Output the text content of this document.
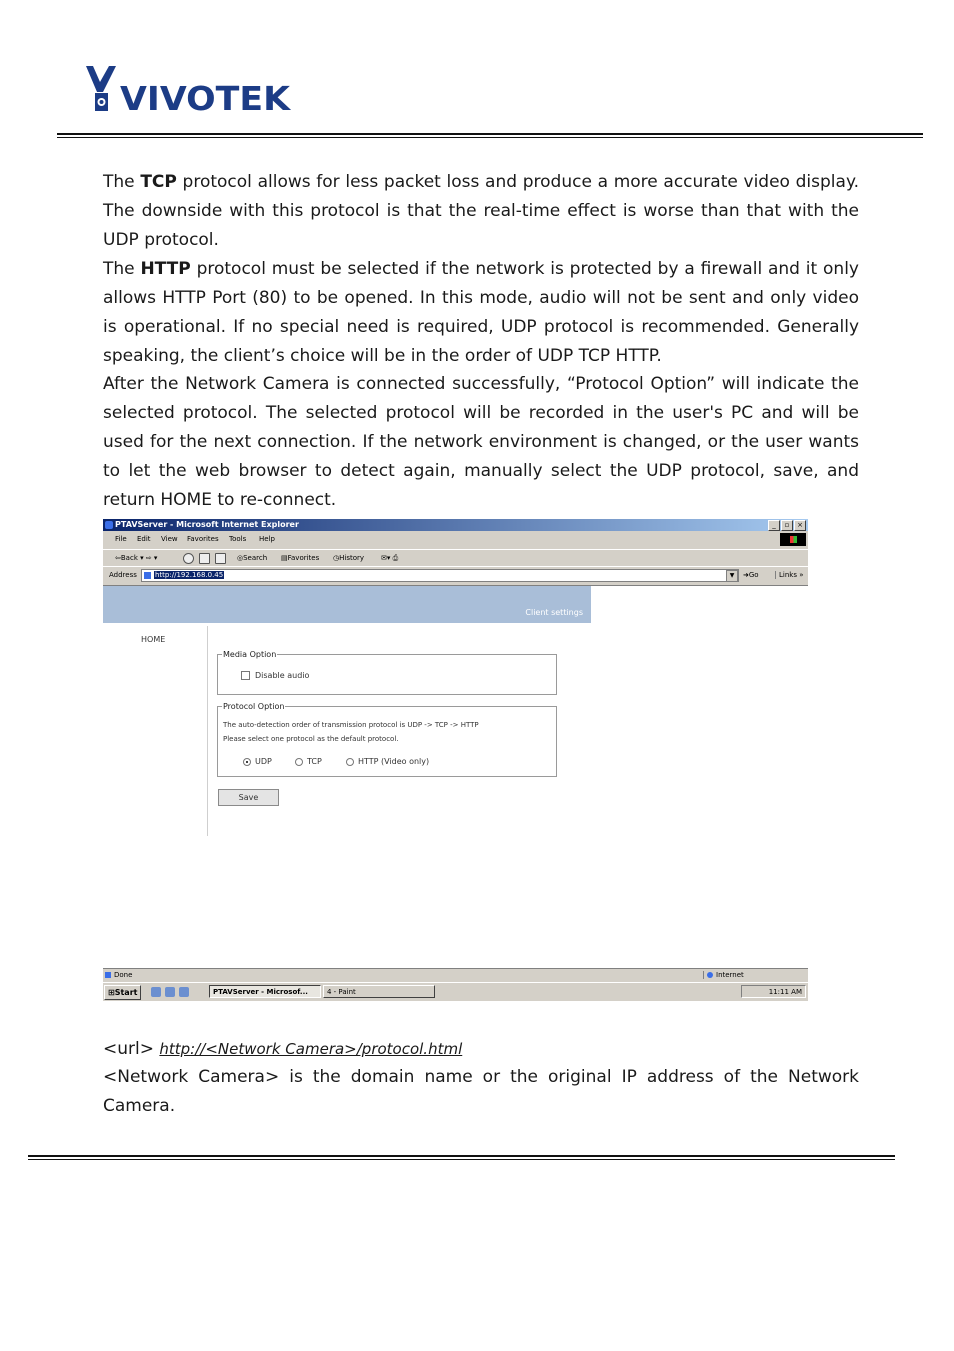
VIVOTEK

The TCP protocol allows for less packet loss and produce a more accurate video display. The downside with this protocol is that the real-time effect is worse than that with the UDP protocol.

The HTTP protocol must be selected if the network is protected by a firewall and it only allows HTTP Port (80) to be opened. In this mode, audio will not be sent and only video is operational. If no special need is required, UDP protocol is recommended. Generally speaking, the client’s choice will be in the order of UDP TCP HTTP.

After the Network Camera is connected successfully, “Protocol Option” will indicate the selected protocol. The selected protocol will be recorded in the user's PC and will be used for the next connection. If the network environment is changed, or the user wants to let the web browser to detect again, manually select the UDP protocol, save, and return HOME to re-connect.

PTAVServer - Microsoft Internet Explorer	_	▫	×
File Edit View Favorites Tools Help
⇦Back ▾ ⇨ ▾	◎Search ▤Favorites ◷History ✉▾ ⎙
Address	http://192.168.0.45	▼	➜Go	Links »
Client settings
HOME
Media Option
Disable audio
Protocol Option
The auto-detection order of transmission protocol is UDP -> TCP -> HTTP
Please select one protocol as the default protocol.
UDP	TCP	HTTP (Video only)
Save
Done	Internet
⊞Start	PTAVServer - Microsof...	4 - Paint	11:11 AM
<url> http://<Network Camera>/protocol.html
<Network Camera> is the domain name or the original IP address of the Network Camera.
